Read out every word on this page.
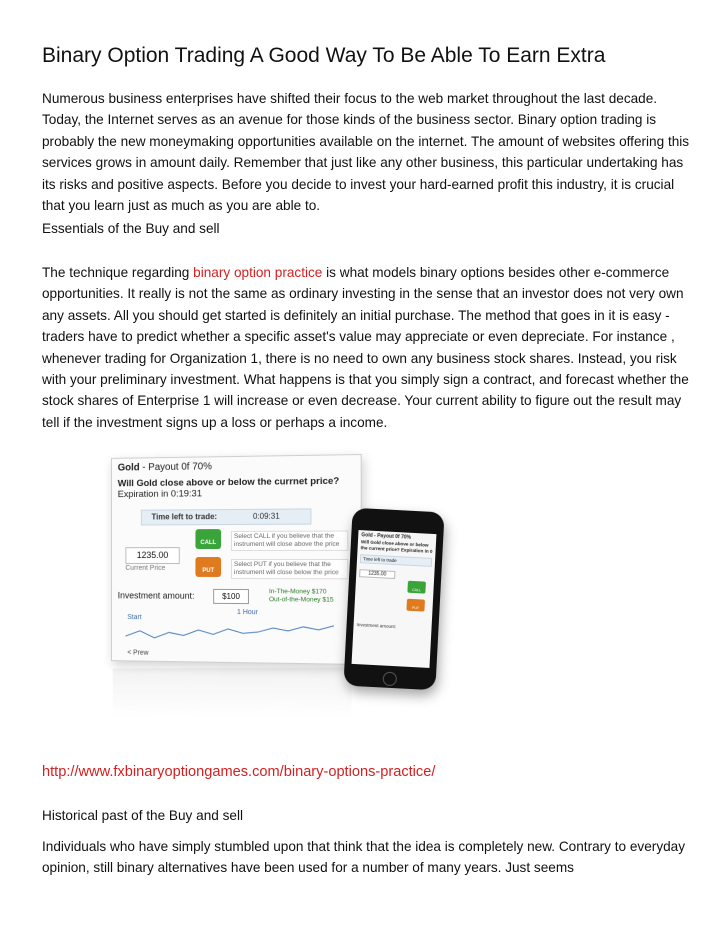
Binary Option Trading A Good Way To Be Able To Earn Extra
Numerous business enterprises have shifted their focus to the web market throughout the last decade. Today, the Internet serves as an avenue for those kinds of the business sector. Binary option trading is probably the new moneymaking opportunities available on the internet. The amount of websites offering this services grows in amount daily. Remember that just like any other business, this particular undertaking has its risks and positive aspects. Before you decide to invest your hard-earned profit this industry, it is crucial that you learn just as much as you are able to.
Essentials of the Buy and sell
The technique regarding binary option practice is what models binary options besides other e-commerce opportunities. It really is not the same as ordinary investing in the sense that an investor does not very own any assets. All you should get started is definitely an initial purchase. The method that goes in it is easy - traders have to predict whether a specific asset's value may appreciate or even depreciate. For instance , whenever trading for Organization 1, there is no need to own any business stock shares. Instead, you risk with your preliminary investment. What happens is that you simply sign a contract, and forecast whether the stock shares of Enterprise 1 will increase or even decrease. Your current ability to figure out the result may tell if the investment signs up a loss or perhaps a income.
Gold - Payout 0f 70%
Will Gold close above or below the currnet price? Expiration in 0:19:31
Time left to trade:	0:09:31
1235.00
Current Price
CALL
PUT
Select CALL if you believe that the instrument will close above the price
Select PUT if you believe that the instrument will close below the price
Investment amount:	$100
In-The-Money $170
Out-of-the-Money $15
1 Hour
Start
< Prew
Gold - Payout 0f 70%
Will Gold close above or below the current price? Expiration in 0
Time left to trade
1235.00
CALL
PUT
Investment amount:
http://www.fxbinaryoptiongames.com/binary-options-practice/
Historical past of the Buy and sell
Individuals who have simply stumbled upon that think that the idea is completely new. Contrary to everyday opinion, still binary alternatives have been used for a number of many years. Just seems
